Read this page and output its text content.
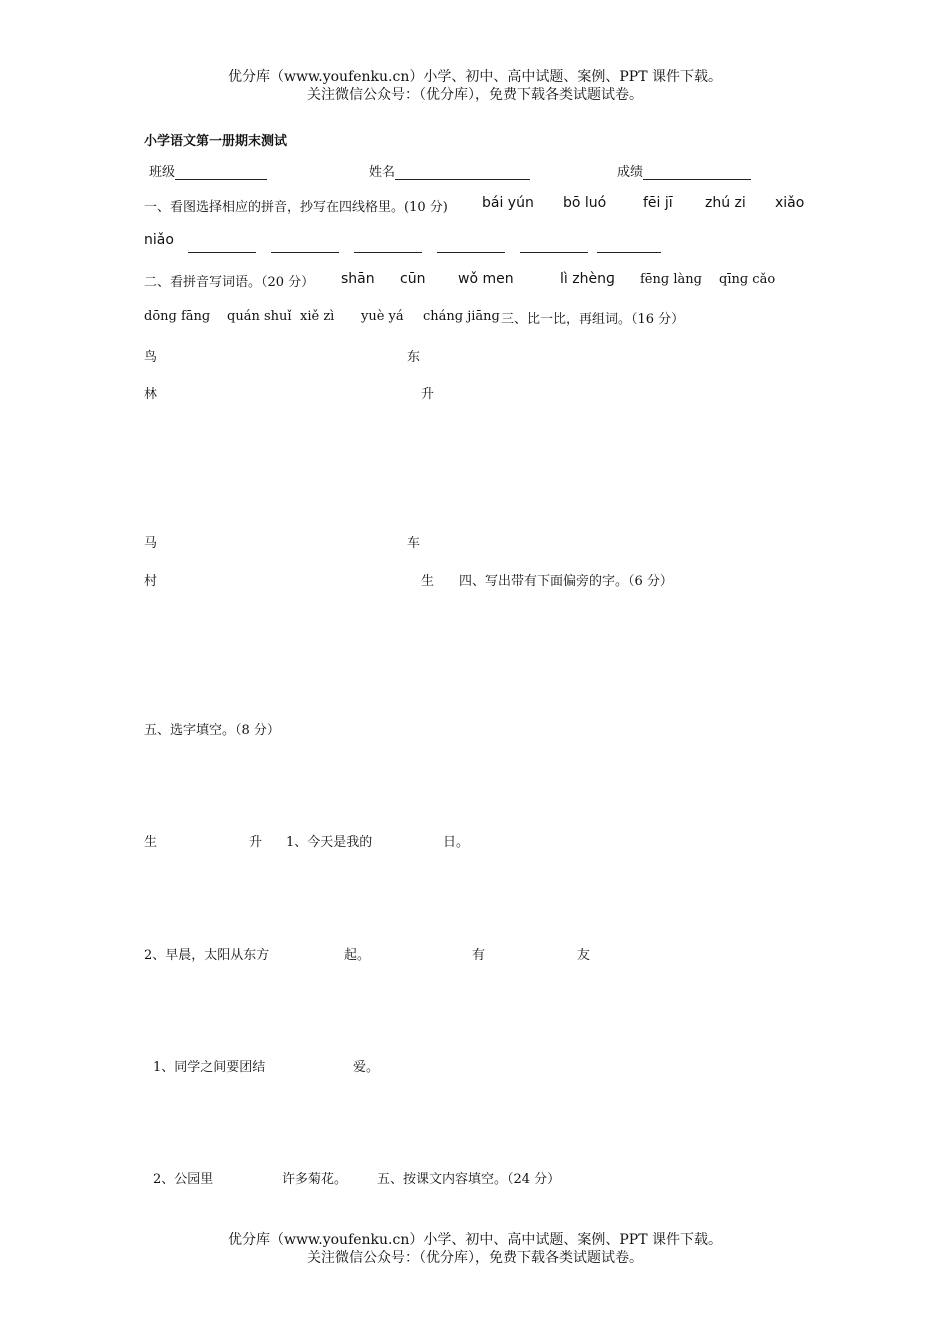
优分库（www.youfenku.cn）小学、初中、高中试题、案例、PPT 课件下载。
关注微信公众号：（优分库），免费下载各类试题试卷。
小学语文第一册期末测试
班级	姓名	成绩
一、看图选择相应的拼音，抄写在四线格里。(10 分) bái yún bō luó	fēi jī zhú zi xiǎo
niǎo

二、看拼音写词语。（20 分） shān cūn wǒ men	lì zhènɡ fēnɡ lànɡ qīnɡ cǎo
dōnɡ fānɡ quán shuǐ xiě zì yuè yá chánɡ jiānɡ 三、比一比，再组词。（16 分）
鸟	东
林	升
马	车
村	生 四、写出带有下面偏旁的字。（6 分）
五、选字填空。（8 分）
生	升 1、今天是我的	日。
2、早晨，太阳从东方	起。	有	友
1、同学之间要团结	爱。
2、公园里	许多菊花。 五、按课文内容填空。（24 分）
优分库（www.youfenku.cn）小学、初中、高中试题、案例、PPT 课件下载。
关注微信公众号：（优分库），免费下载各类试题试卷。
